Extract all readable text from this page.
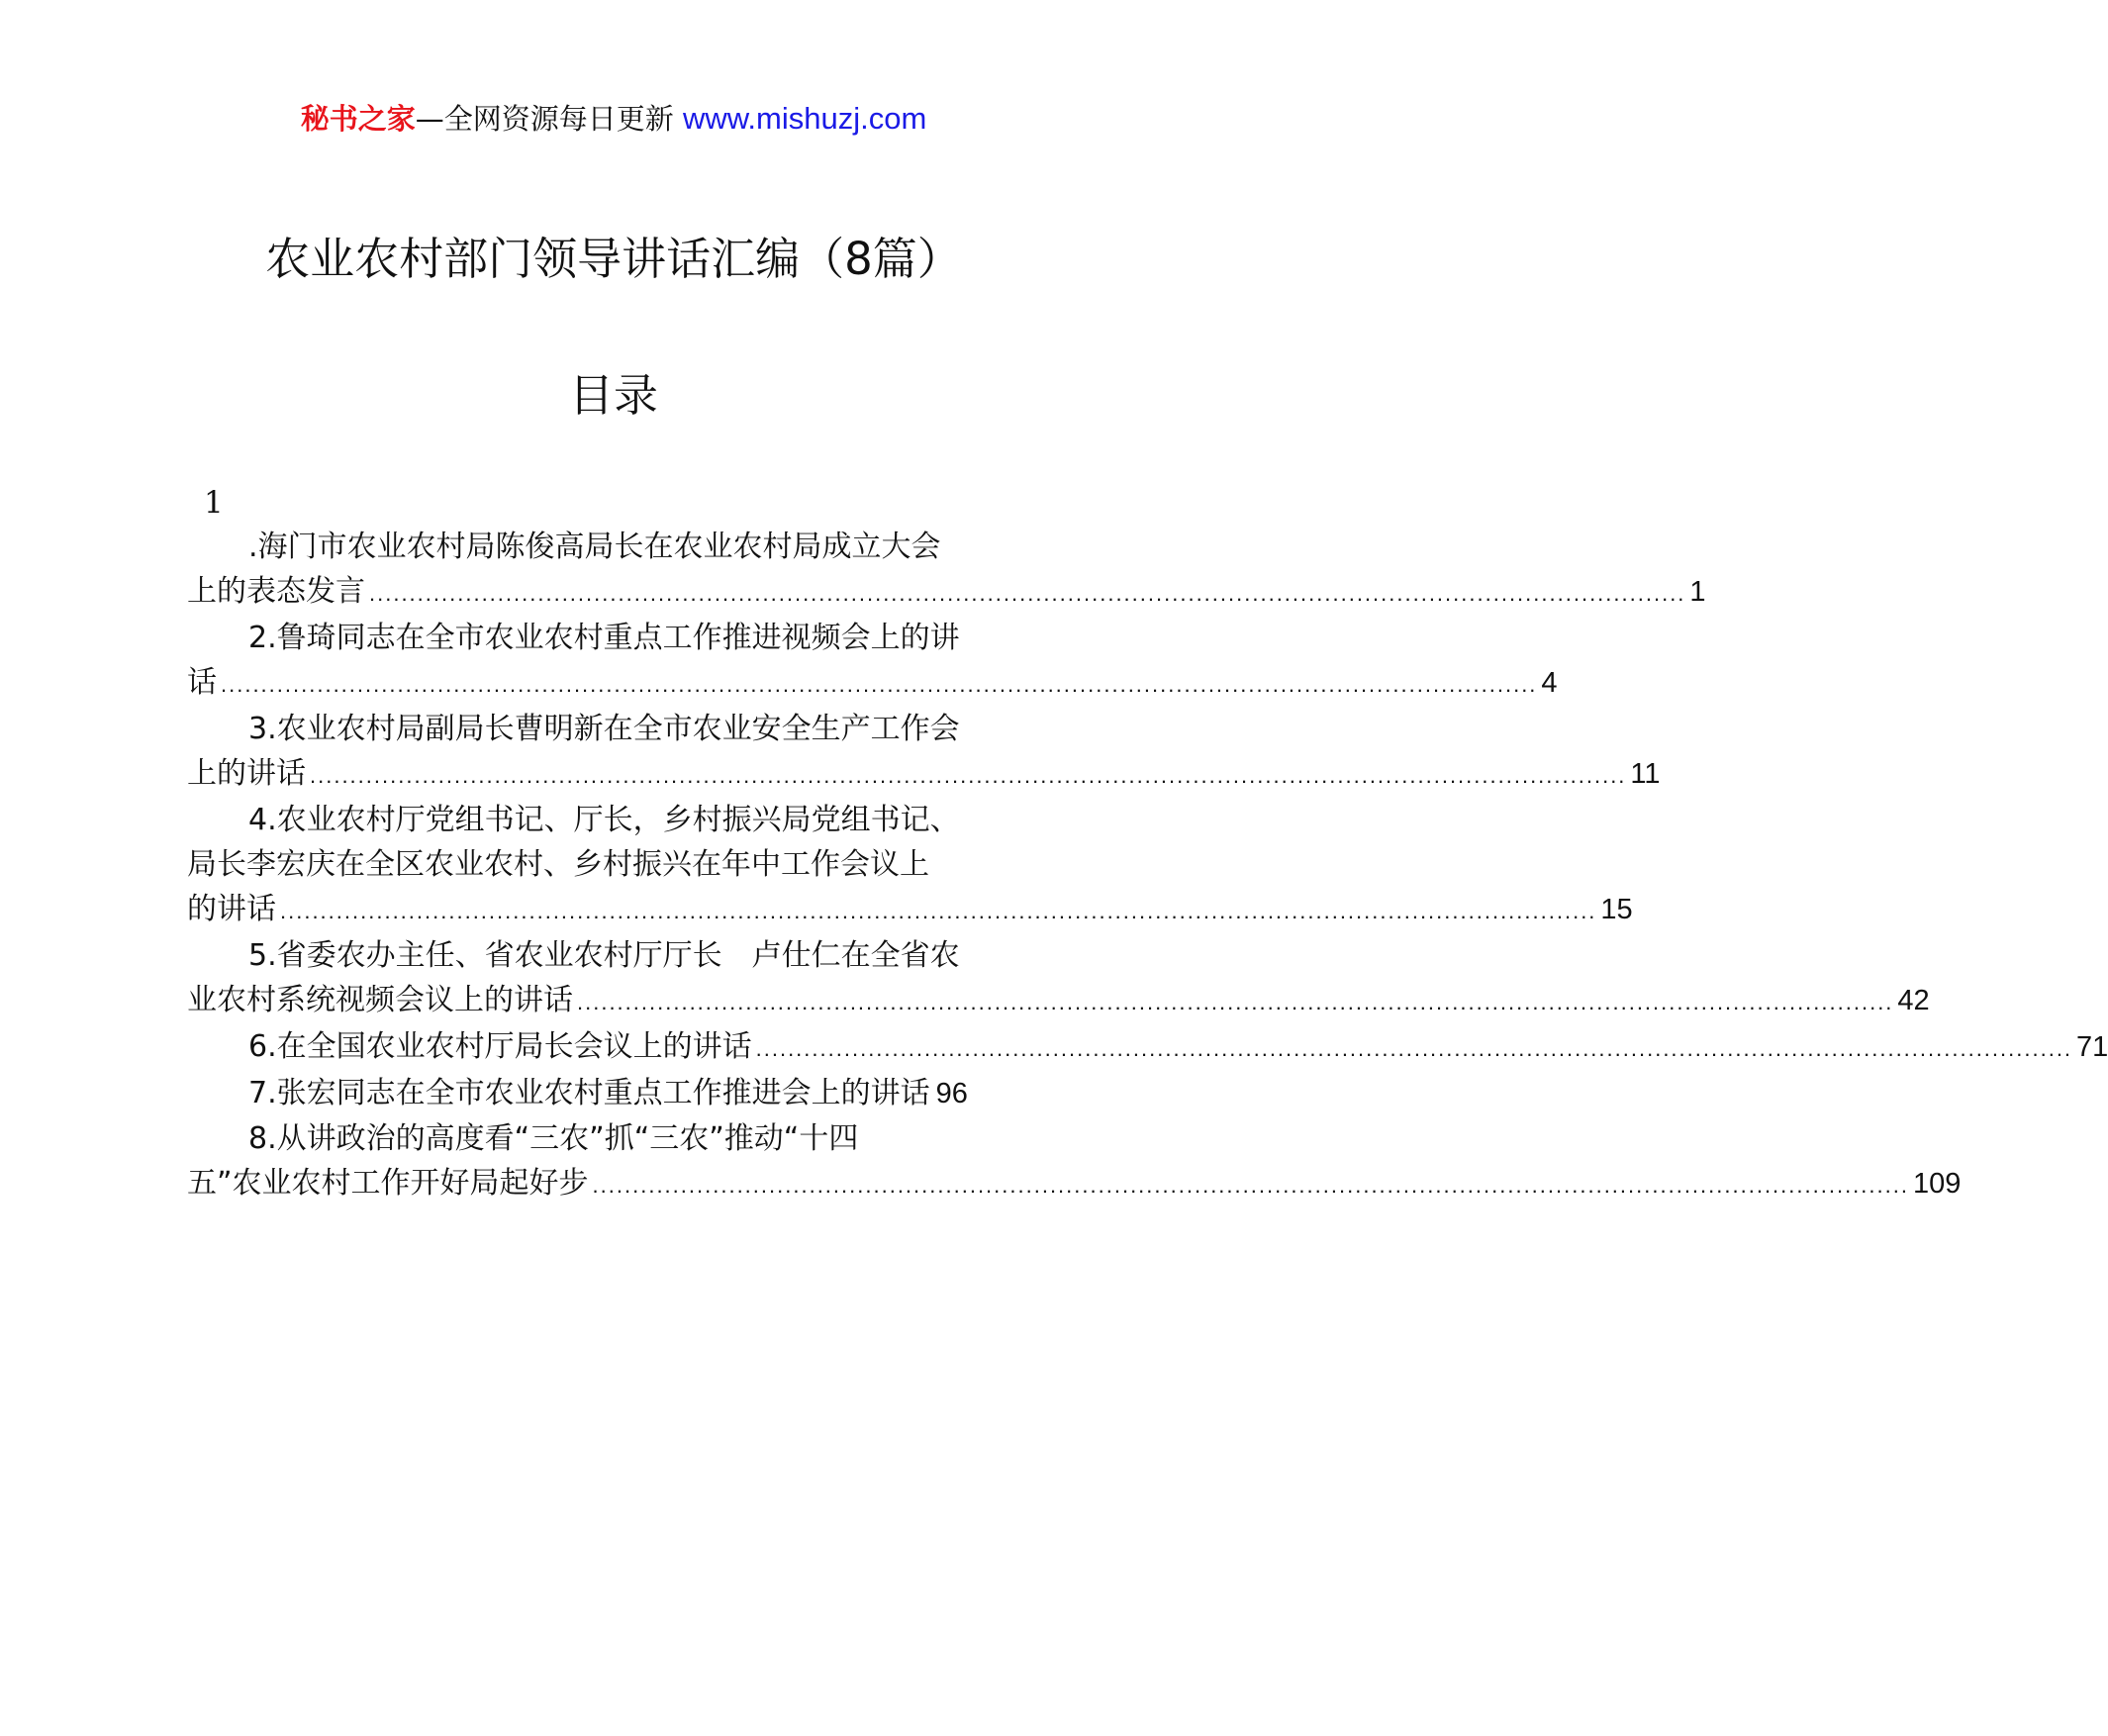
秘书之家—全网资源每日更新 www.mishuzj.com
农业农村部门领导讲话汇编（8篇）
目录
1
.海门市农业农村局陈俊高局长在农业农村局成立大会
上的表态发言 .................................................................................................................................................................... 1
2.鲁琦同志在全市农业农村重点工作推进视频会上的讲
话 .................................................................................................................................................................... 4
3.农业农村局副局长曹明新在全市农业安全生产工作会
上的讲话 .................................................................................................................................................................... 11
4.农业农村厅党组书记、厅长，乡村振兴局党组书记、
局长李宏庆在全区农业农村、乡村振兴在年中工作会议上
的讲话 .................................................................................................................................................................... 15
5.省委农办主任、省农业农村厅厅长　卢仕仁在全省农
业农村系统视频会议上的讲话 .................................................................................................................................................................... 42
6.在全国农业农村厅局长会议上的讲话 .................................................................................................................................................................... 71
7.张宏同志在全市农业农村重点工作推进会上的讲话 96
8.从讲政治的高度看“三农”抓“三农”推动“十四
五”农业农村工作开好局起好步 .................................................................................................................................................................... 109
